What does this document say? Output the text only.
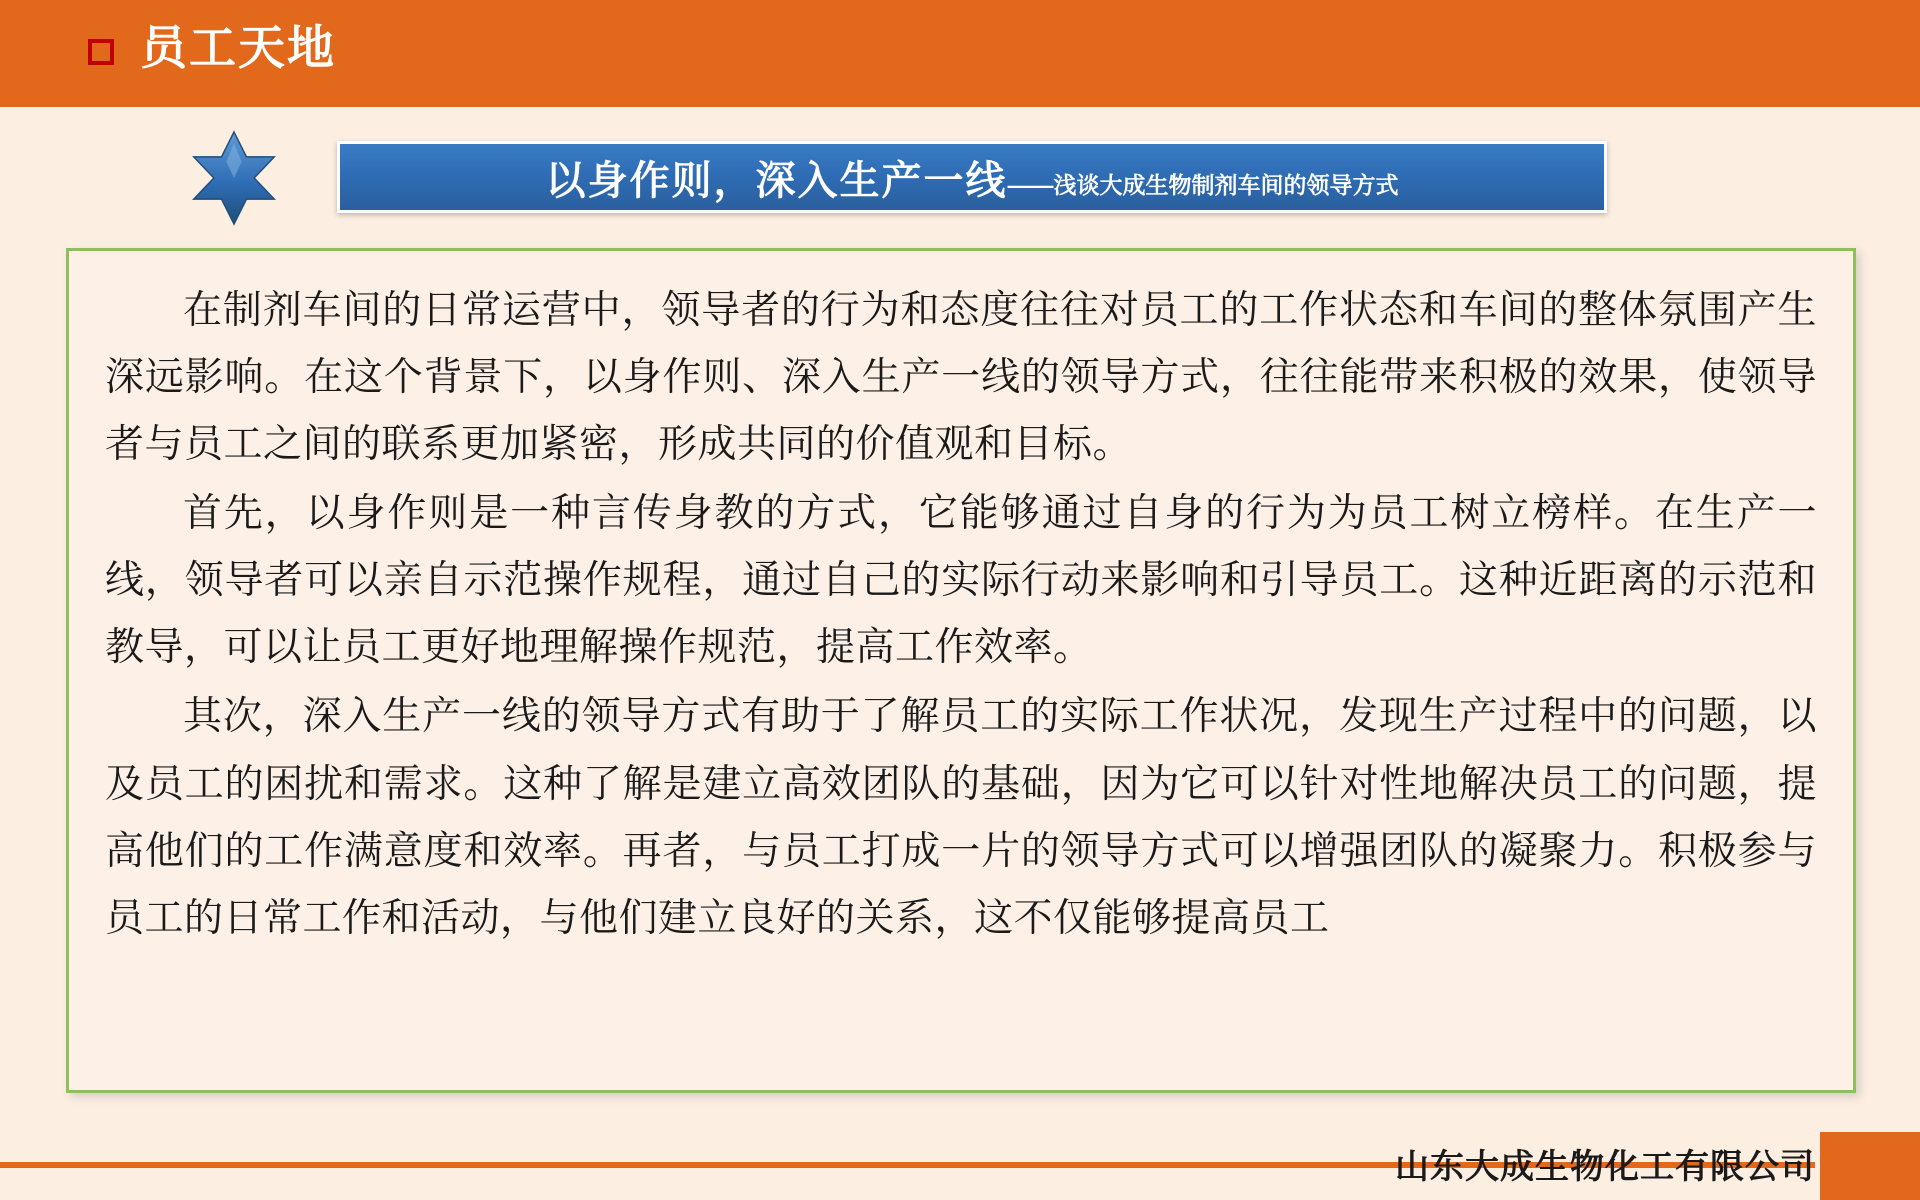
员工天地
以身作则，深入生产一线 ——浅谈大成生物制剂车间的领导方式

在制剂车间的日常运营中，领导者的行为和态度往往对员工的工作状态和车间的整体氛围产生深远影响。在这个背景下，以身作则、深入生产一线的领导方式，往往能带来积极的效果，使领导者与员工之间的联系更加紧密，形成共同的价值观和目标。

首先，以身作则是一种言传身教的方式，它能够通过自身的行为为员工树立榜样。在生产一线，领导者可以亲自示范操作规程，通过自己的实际行动来影响和引导员工。这种近距离的示范和教导，可以让员工更好地理解操作规范，提高工作效率。

其次，深入生产一线的领导方式有助于了解员工的实际工作状况，发现生产过程中的问题，以及员工的困扰和需求。这种了解是建立高效团队的基础，因为它可以针对性地解决员工的问题，提高他们的工作满意度和效率。再者，与员工打成一片的领导方式可以增强团队的凝聚力。积极参与员工的日常工作和活动，与他们建立良好的关系，这不仅能够提高员工

山东大成生物化工有限公司
